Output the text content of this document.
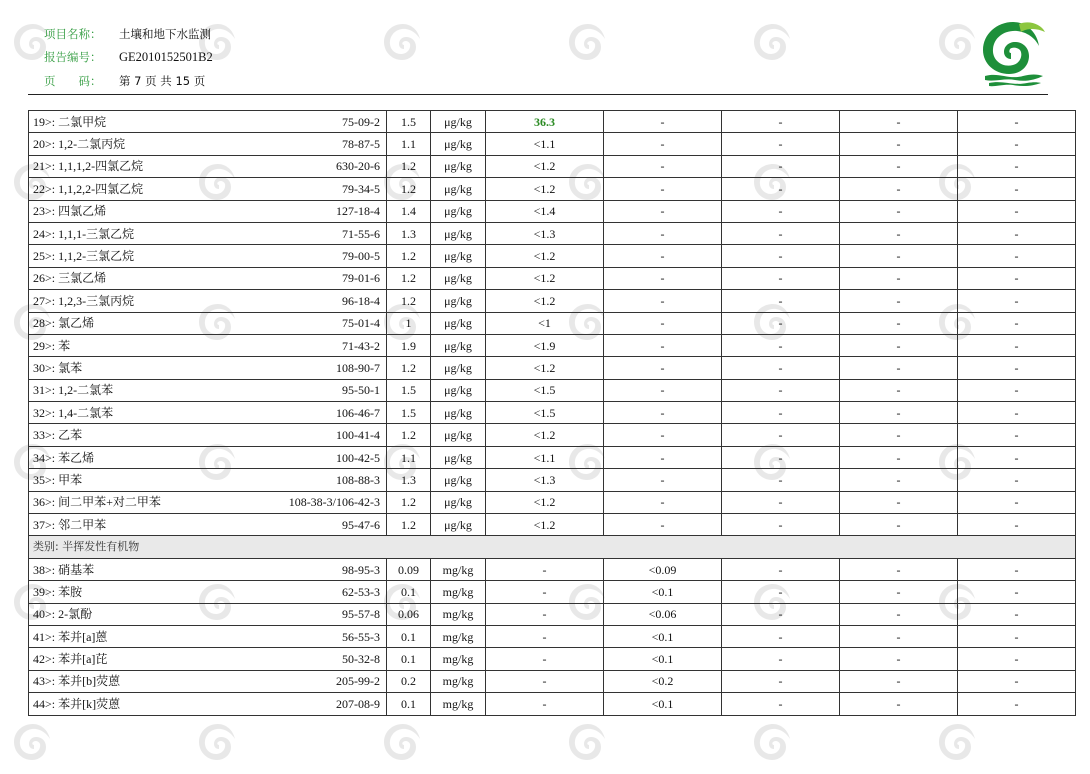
项目名称： 土壤和地下水监测
报告编号： GE2010152501B2
页　　码： 第 7 页 共 15 页
19>: 二氯甲烷 75-09-2	1.5	μg/kg	36.3	-	-	-	-
20>: 1,2-二氯丙烷 78-87-5	1.1	μg/kg	<1.1	-	-	-	-
21>: 1,1,1,2-四氯乙烷 630-20-6	1.2	μg/kg	<1.2	-	-	-	-
22>: 1,1,2,2-四氯乙烷 79-34-5	1.2	μg/kg	<1.2	-	-	-	-
23>: 四氯乙烯 127-18-4	1.4	μg/kg	<1.4	-	-	-	-
24>: 1,1,1-三氯乙烷 71-55-6	1.3	μg/kg	<1.3	-	-	-	-
25>: 1,1,2-三氯乙烷 79-00-5	1.2	μg/kg	<1.2	-	-	-	-
26>: 三氯乙烯 79-01-6	1.2	μg/kg	<1.2	-	-	-	-
27>: 1,2,3-三氯丙烷 96-18-4	1.2	μg/kg	<1.2	-	-	-	-
28>: 氯乙烯 75-01-4	1	μg/kg	<1	-	-	-	-
29>: 苯 71-43-2	1.9	μg/kg	<1.9	-	-	-	-
30>: 氯苯 108-90-7	1.2	μg/kg	<1.2	-	-	-	-
31>: 1,2-二氯苯 95-50-1	1.5	μg/kg	<1.5	-	-	-	-
32>: 1,4-二氯苯 106-46-7	1.5	μg/kg	<1.5	-	-	-	-
33>: 乙苯 100-41-4	1.2	μg/kg	<1.2	-	-	-	-
34>: 苯乙烯 100-42-5	1.1	μg/kg	<1.1	-	-	-	-
35>: 甲苯 108-88-3	1.3	μg/kg	<1.3	-	-	-	-
36>: 间二甲苯+对二甲苯 108-38-3/106-42-3	1.2	μg/kg	<1.2	-	-	-	-
37>: 邻二甲苯 95-47-6	1.2	μg/kg	<1.2	-	-	-	-
类别: 半挥发性有机物							
38>: 硝基苯 98-95-3	0.09	mg/kg	-	<0.09	-	-	-
39>: 苯胺 62-53-3	0.1	mg/kg	-	<0.1	-	-	-
40>: 2-氯酚 95-57-8	0.06	mg/kg	-	<0.06	-	-	-
41>: 苯并[a]蒽 56-55-3	0.1	mg/kg	-	<0.1	-	-	-
42>: 苯并[a]芘 50-32-8	0.1	mg/kg	-	<0.1	-	-	-
43>: 苯并[b]荧蒽 205-99-2	0.2	mg/kg	-	<0.2	-	-	-
44>: 苯并[k]荧蒽 207-08-9	0.1	mg/kg	-	<0.1	-	-	-
